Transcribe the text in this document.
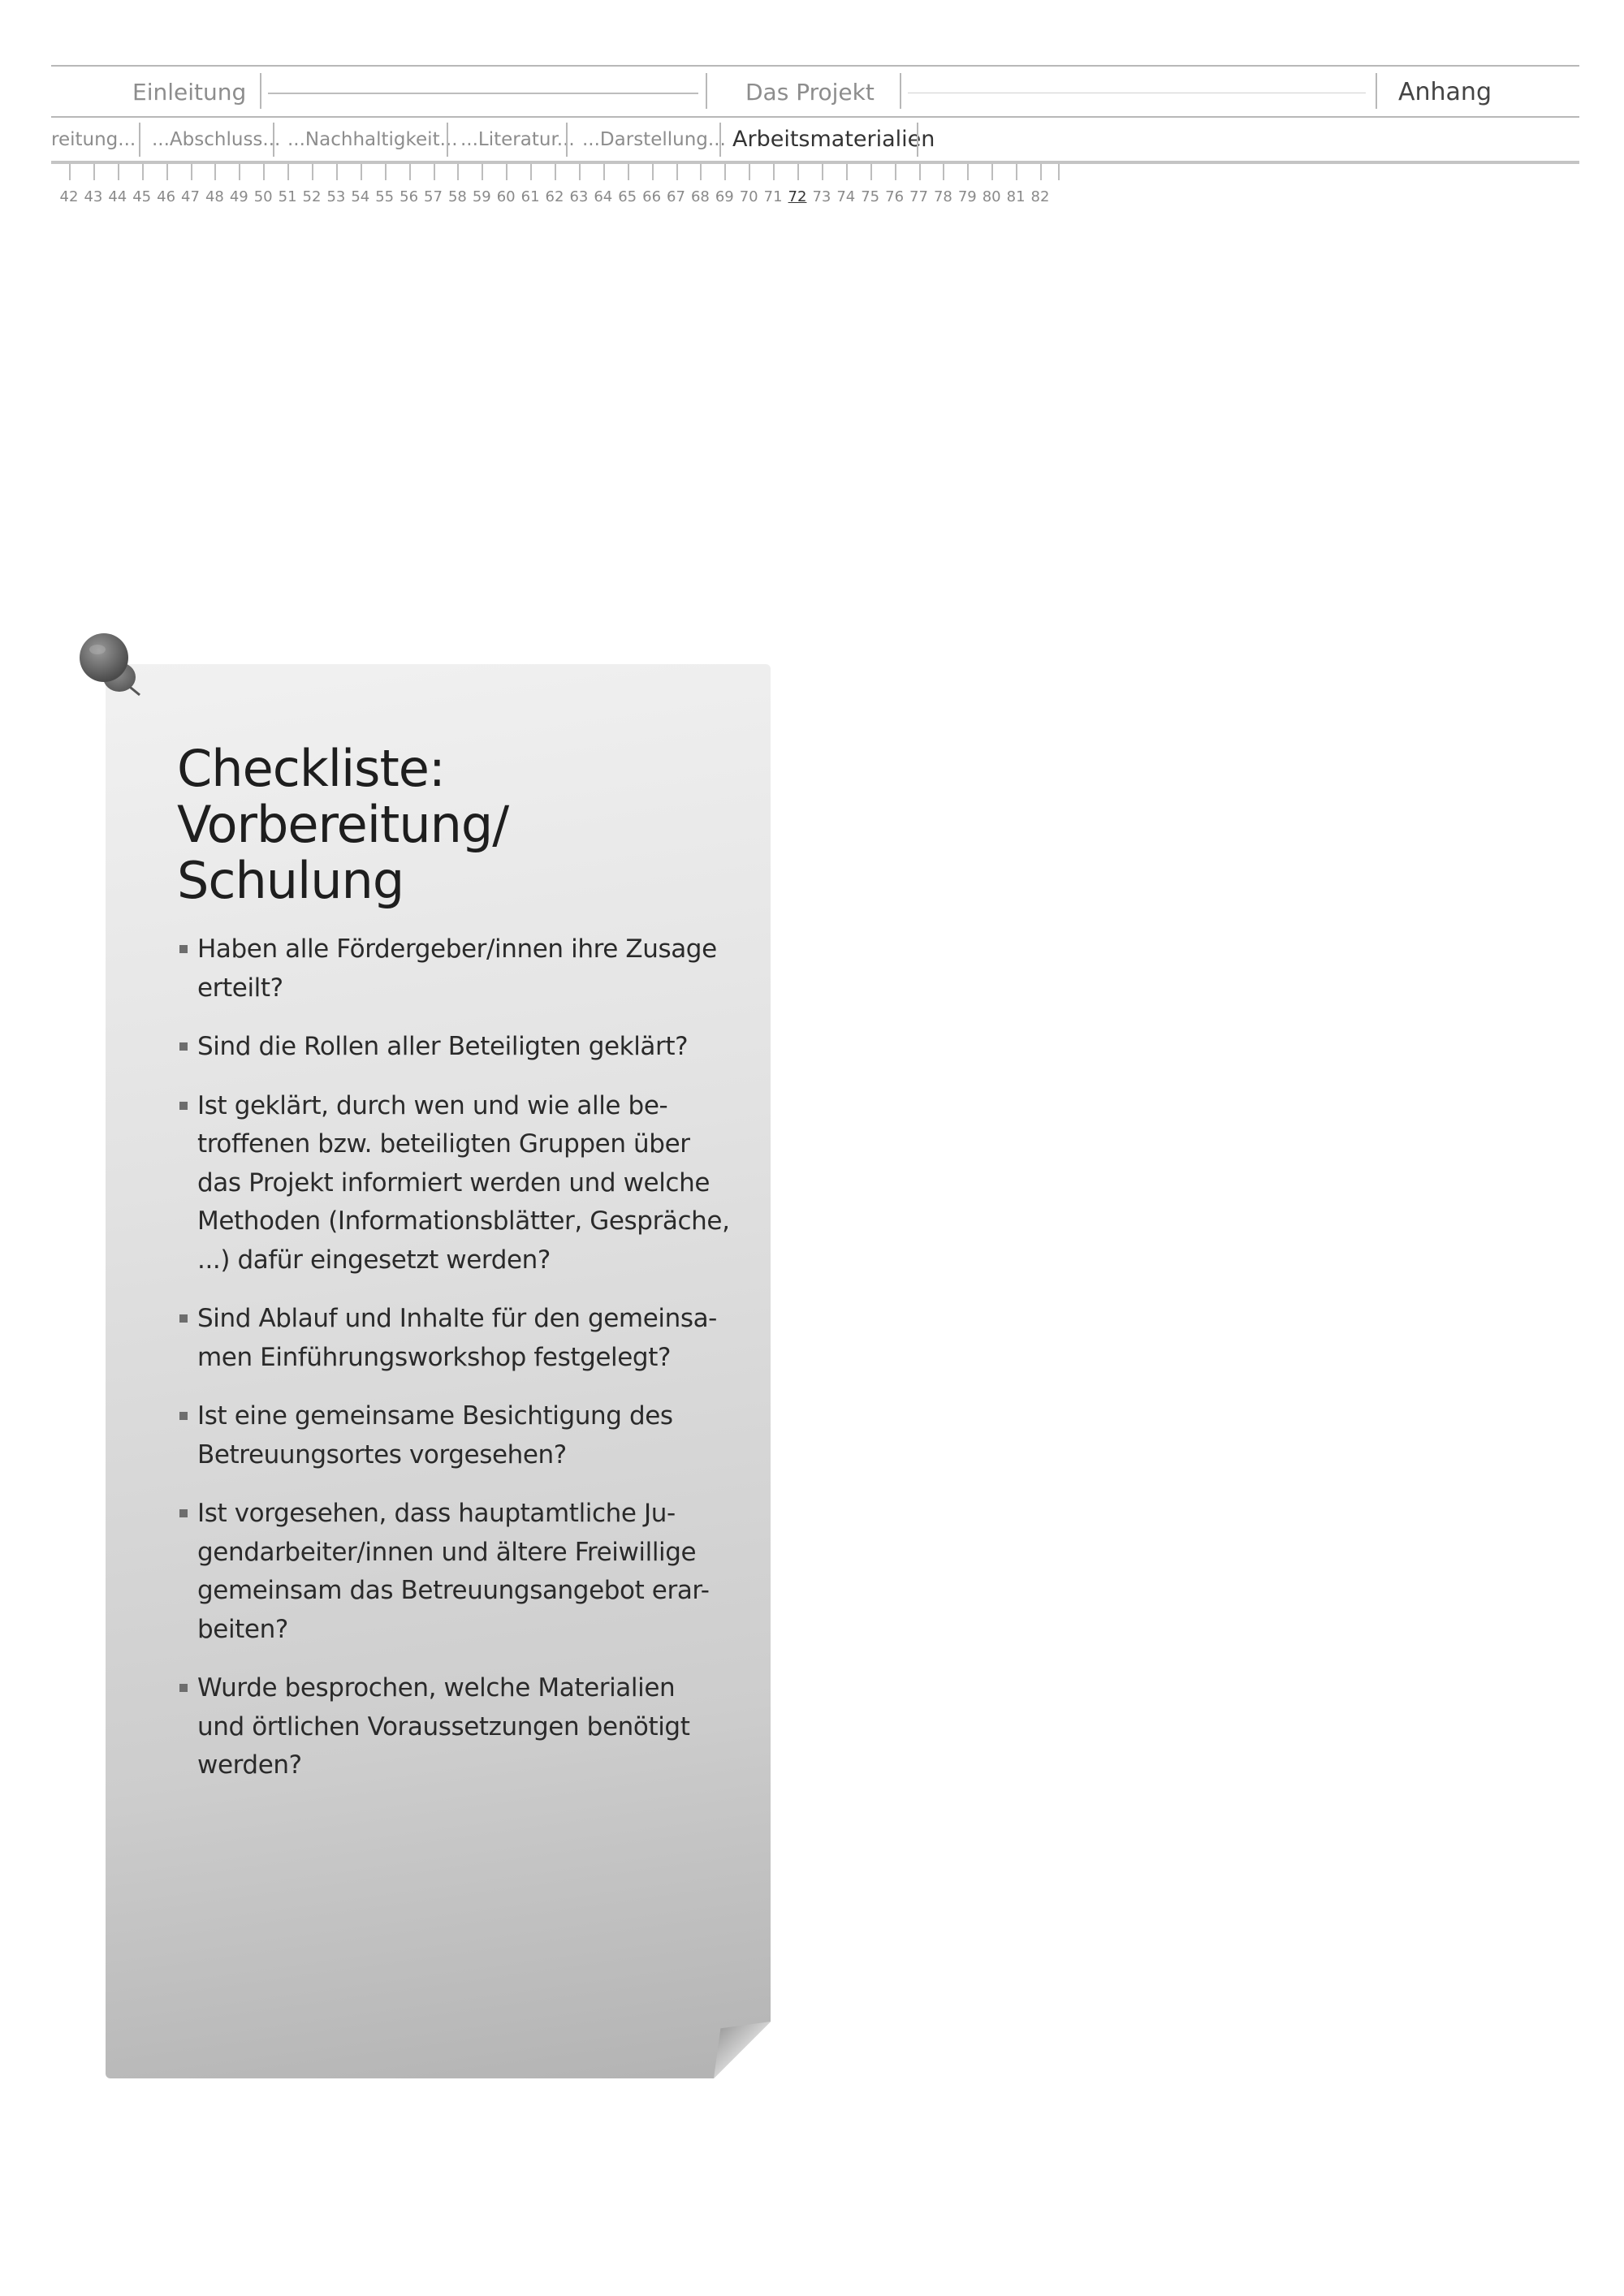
Einleitung	Das Projekt	Anhang
reitung... ...Abschluss... ...Nachhaltigkeit... ...Literatur... ...Darstellung... Arbeitsmaterialien
42 43 44 45 46 47 48 49 50 51 52 53 54 55 56 57 58 59 60 61 62 63 64 65 66 67 68 69 70 71 72 73 74 75 76 77 78 79 80 81 82
Checkliste:
Vorbereitung/
Schulung
Haben alle Fördergeber/innen ihre Zusage
erteilt?
Sind die Rollen aller Beteiligten geklärt?
Ist geklärt, durch wen und wie alle be-
troffenen bzw. beteiligten Gruppen über
das Projekt informiert werden und welche
Methoden (Informationsblätter, Gespräche,
...) dafür eingesetzt werden?
Sind Ablauf und Inhalte für den gemeinsa-
men Einführungsworkshop festgelegt?
Ist eine gemeinsame Besichtigung des
Betreuungsortes vorgesehen?
Ist vorgesehen, dass hauptamtliche Ju-
gendarbeiter/innen und ältere Freiwillige
gemeinsam das Betreuungsangebot erar-
beiten?
Wurde besprochen, welche Materialien
und örtlichen Voraussetzungen benötigt
werden?
